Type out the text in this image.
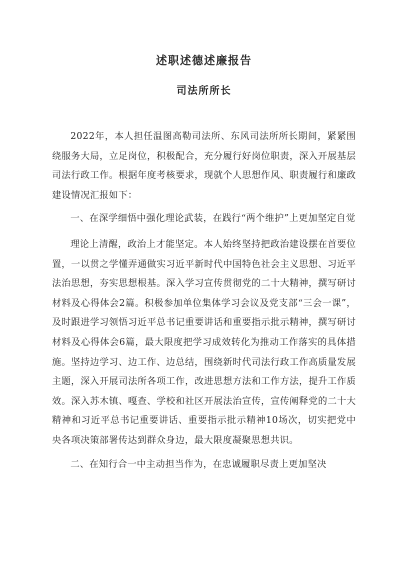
述职述德述廉报告
司法所所长

2022年，本人担任温图高勒司法所、东风司法所所长期间，紧紧围绕服务大局，立足岗位，积极配合，充分履行好岗位职责，深入开展基层司法行政工作。根据年度考核要求，现就个人思想作风、职责履行和廉政建设情况汇报如下：

一、在深学细悟中强化理论武装，在践行“两个维护”上更加坚定自觉

理论上清醒，政治上才能坚定。本人始终坚持把政治建设摆在首要位置，一以贯之学懂弄通做实习近平新时代中国特色社会主义思想、习近平法治思想，夯实思想根基。深入学习宣传贯彻党的二十大精神，撰写研讨材料及心得体会2篇。积极参加单位集体学习会议及党支部“三会一课”，及时跟进学习领悟习近平总书记重要讲话和重要指示批示精神，撰写研讨材料及心得体会6篇，最大限度把学习成效转化为推动工作落实的具体措施。坚持边学习、边工作、边总结，围绕新时代司法行政工作高质量发展主题，深入开展司法所各项工作，改进思想方法和工作方法，提升工作质效。深入苏木镇、嘎查、学校和社区开展法治宣传，宣传阐释党的二十大精神和习近平总书记重要讲话、重要指示批示精神10场次，切实把党中央各项决策部署传达到群众身边，最大限度凝聚思想共识。

二、在知行合一中主动担当作为，在忠诚履职尽责上更加坚决
